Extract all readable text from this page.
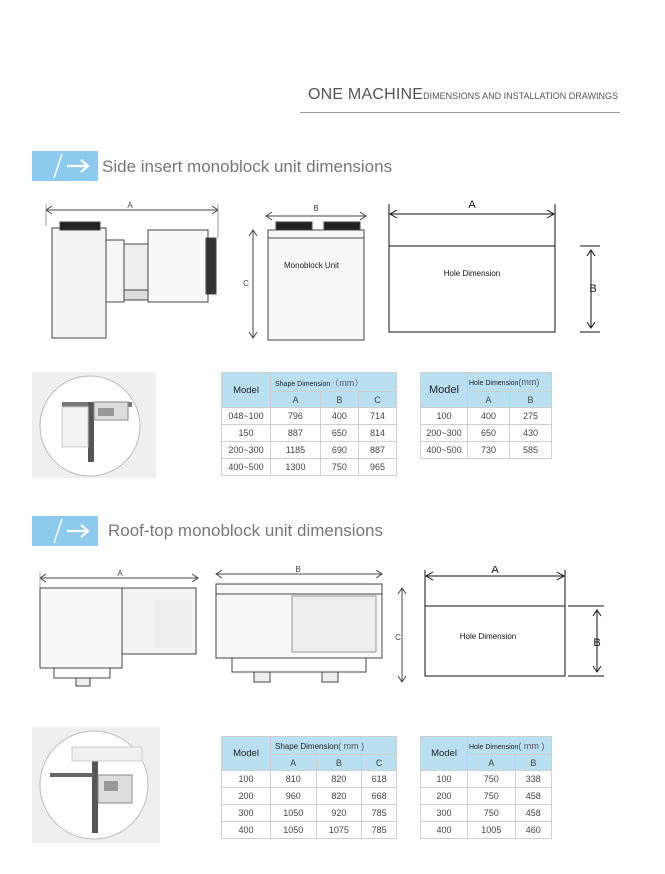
ONE MACHINEDIMENSIONS AND INSTALLATION DRAWINGS
Side insert monoblock unit dimensions
A	B
C
Monoblock Unit
A
Hole Dimension
B
Model	Shape Dimension（mm）		
	A	B	C
048~100	796	400	714
150	887	650	814
200~300	1185	690	887
400~500	1300	750	965
Model	Hole Dimension(mm)	
	A	B
100	400	275
200~300	650	430
400~500	730	585
Roof-top monoblock unit dimensions
A	B
C
A
Hole Dimension
B
Model	Shape Dimension( mm )		
	A	B	C
100	810	820	618
200	960	820	668
300	1050	920	785
400	1050	1075	785
Model	Hole Dimension( mm )	
	A	B
100	750	338
200	750	458
300	750	458
400	1005	460
